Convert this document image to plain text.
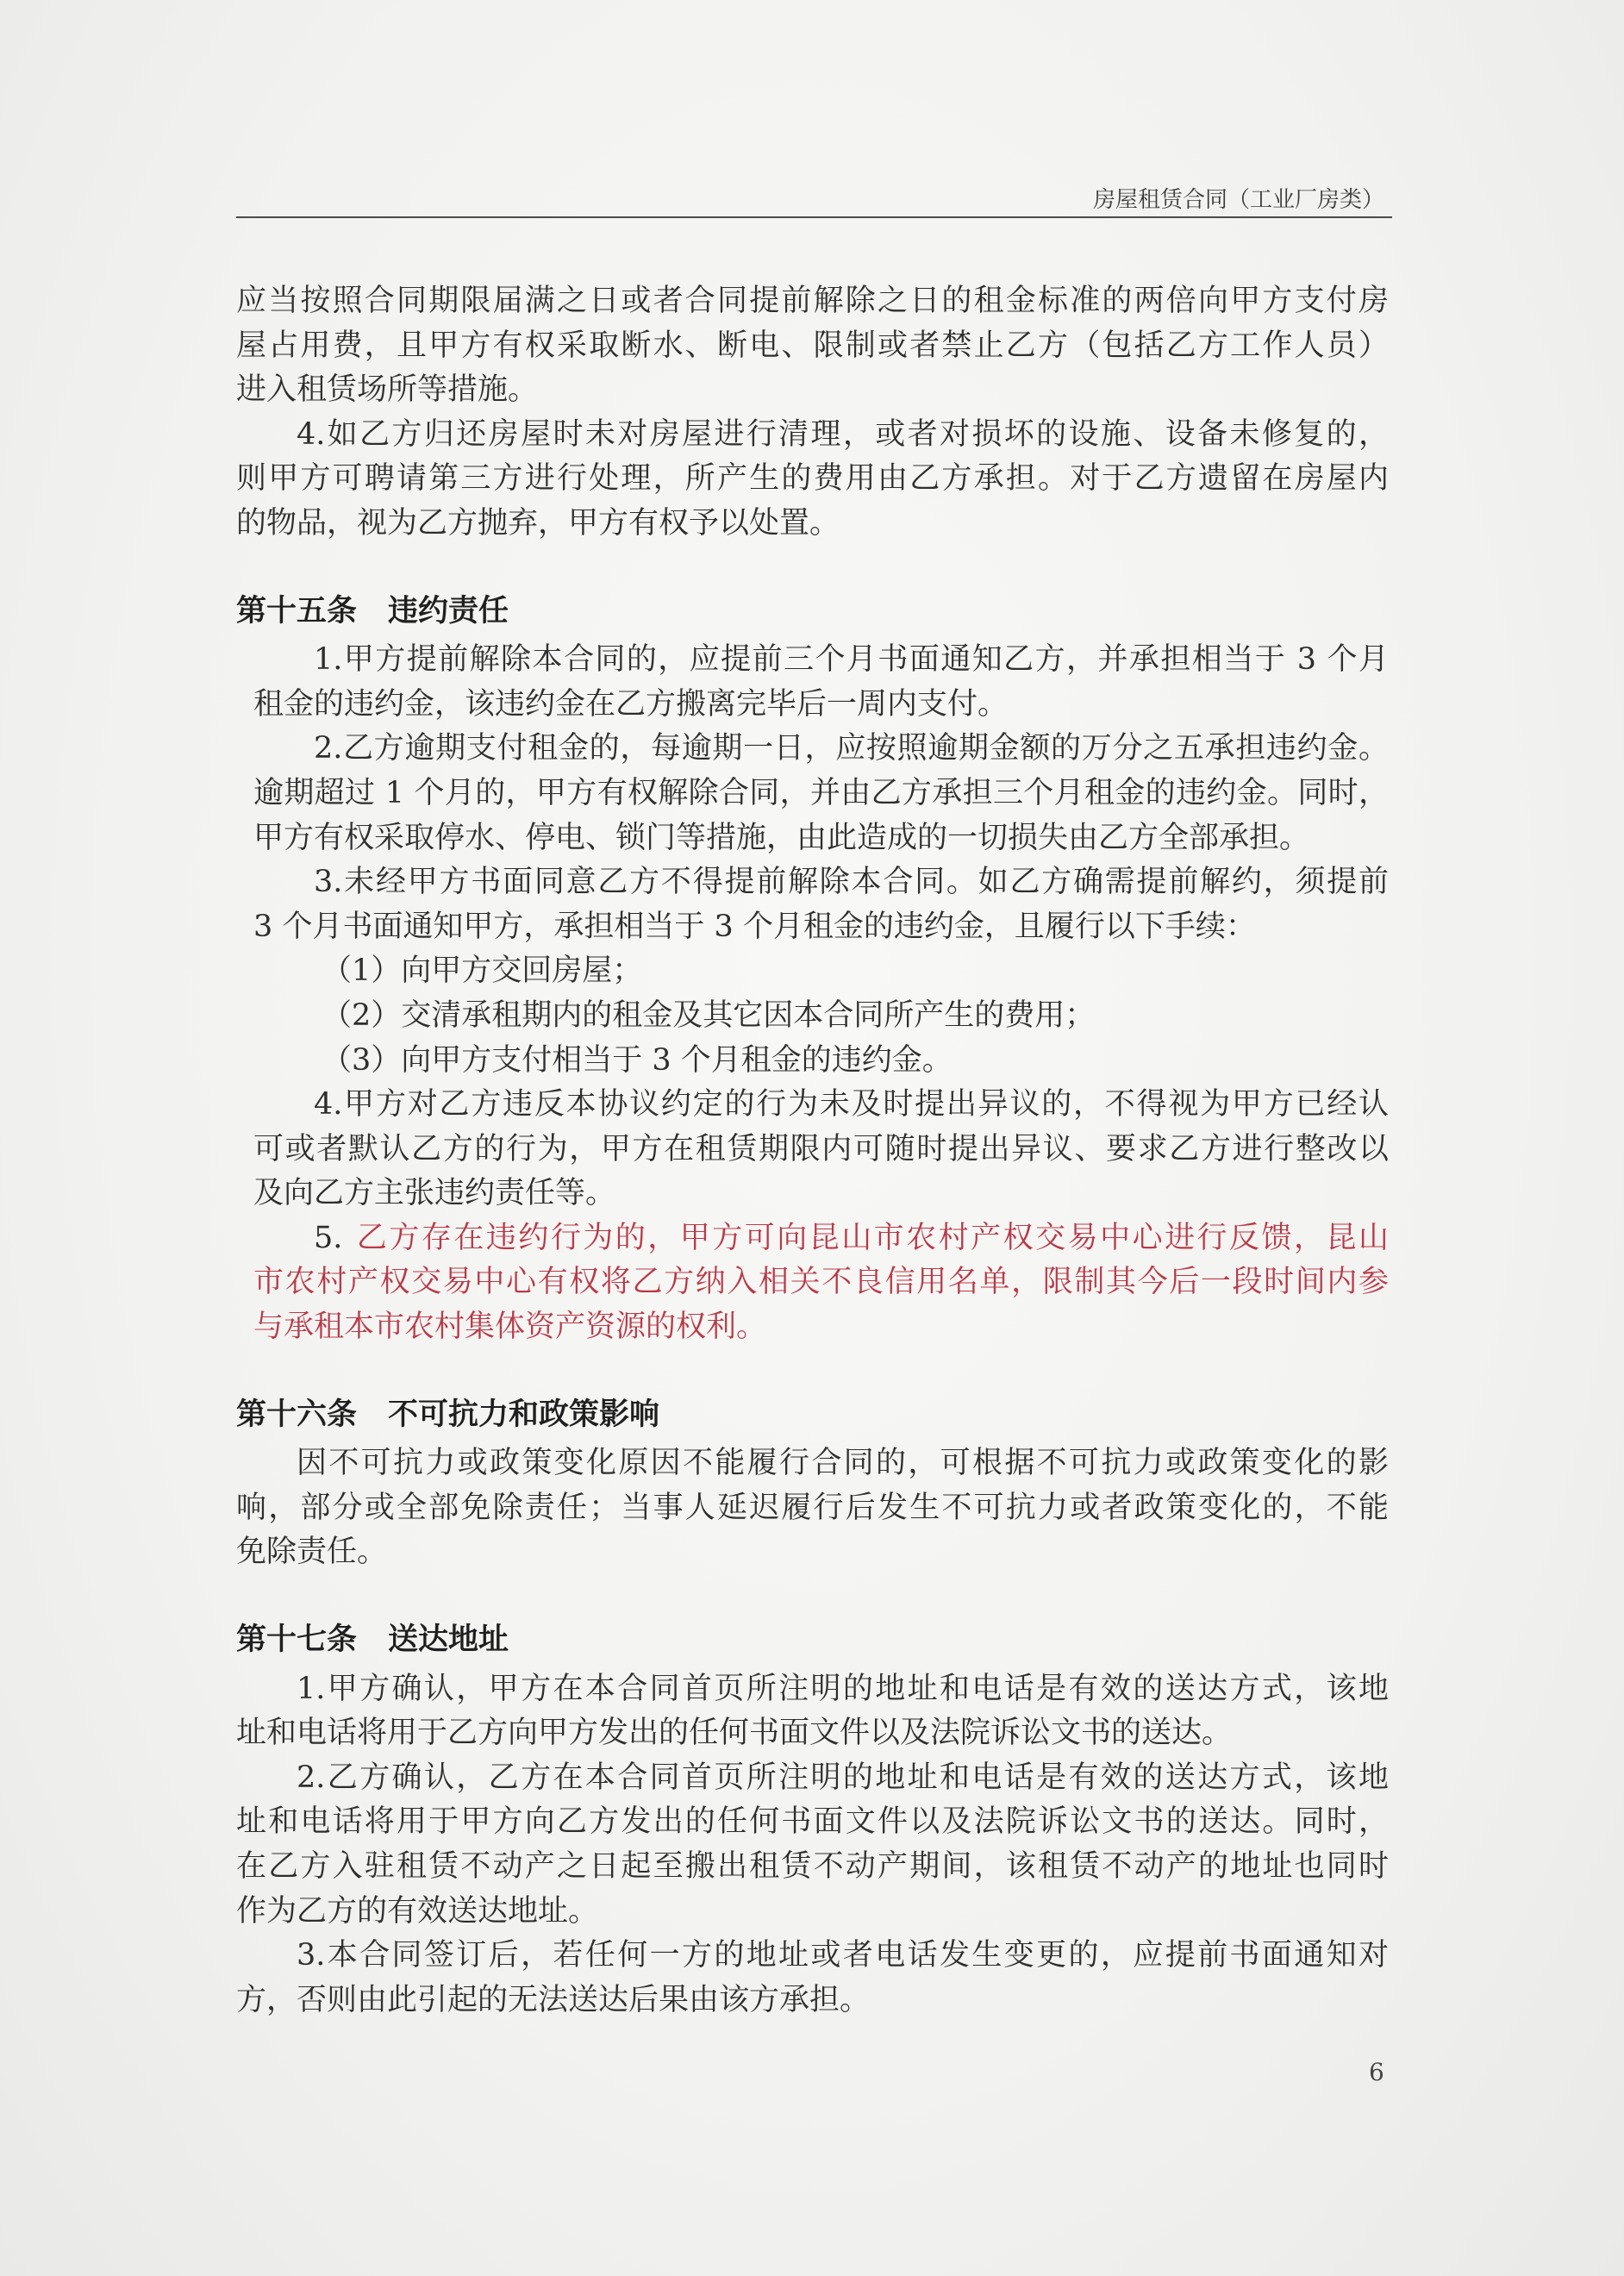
房屋租赁合同（工业厂房类）
应当按照合同期限届满之日或者合同提前解除之日的租金标准的两倍向甲方支付房
屋占用费，且甲方有权采取断水、断电、限制或者禁止乙方（包括乙方工作人员）
进入租赁场所等措施。
4.如乙方归还房屋时未对房屋进行清理，或者对损坏的设施、设备未修复的，
则甲方可聘请第三方进行处理，所产生的费用由乙方承担。对于乙方遗留在房屋内
的物品，视为乙方抛弃，甲方有权予以处置。
第十五条 违约责任
1.甲方提前解除本合同的，应提前三个月书面通知乙方，并承担相当于 3 个月
租金的违约金，该违约金在乙方搬离完毕后一周内支付。
2.乙方逾期支付租金的，每逾期一日，应按照逾期金额的万分之五承担违约金。
逾期超过 1 个月的，甲方有权解除合同，并由乙方承担三个月租金的违约金。同时，
甲方有权采取停水、停电、锁门等措施，由此造成的一切损失由乙方全部承担。
3.未经甲方书面同意乙方不得提前解除本合同。如乙方确需提前解约，须提前
3 个月书面通知甲方，承担相当于 3 个月租金的违约金，且履行以下手续：
（1）向甲方交回房屋；
（2）交清承租期内的租金及其它因本合同所产生的费用；
（3）向甲方支付相当于 3 个月租金的违约金。
4.甲方对乙方违反本协议约定的行为未及时提出异议的，不得视为甲方已经认
可或者默认乙方的行为，甲方在租赁期限内可随时提出异议、要求乙方进行整改以
及向乙方主张违约责任等。
5. 乙方存在违约行为的，甲方可向昆山市农村产权交易中心进行反馈，昆山
市农村产权交易中心有权将乙方纳入相关不良信用名单，限制其今后一段时间内参
与承租本市农村集体资产资源的权利。
第十六条 不可抗力和政策影响
因不可抗力或政策变化原因不能履行合同的，可根据不可抗力或政策变化的影
响，部分或全部免除责任；当事人延迟履行后发生不可抗力或者政策变化的，不能
免除责任。
第十七条 送达地址
1.甲方确认，甲方在本合同首页所注明的地址和电话是有效的送达方式，该地
址和电话将用于乙方向甲方发出的任何书面文件以及法院诉讼文书的送达。
2.乙方确认，乙方在本合同首页所注明的地址和电话是有效的送达方式，该地
址和电话将用于甲方向乙方发出的任何书面文件以及法院诉讼文书的送达。同时，
在乙方入驻租赁不动产之日起至搬出租赁不动产期间，该租赁不动产的地址也同时
作为乙方的有效送达地址。
3.本合同签订后，若任何一方的地址或者电话发生变更的，应提前书面通知对
方，否则由此引起的无法送达后果由该方承担。
6
